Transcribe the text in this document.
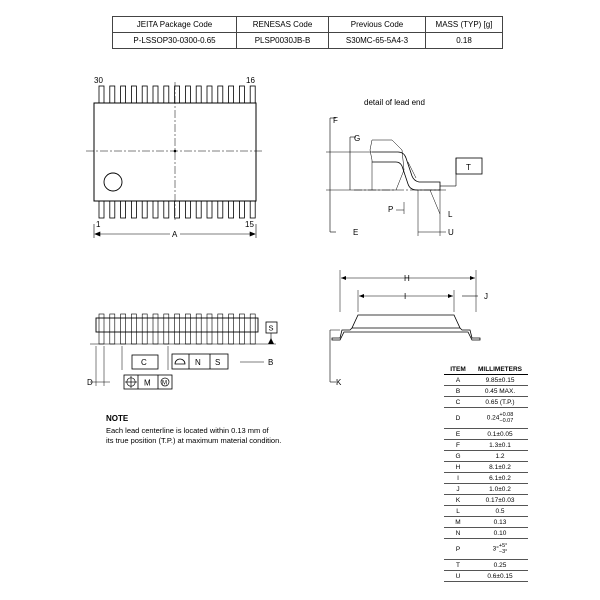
JEITA Package Code	RENESAS Code	Previous Code	MASS (TYP) [g]
P-LSSOP30-0300-0.65	PLSP0030JB-B	S30MC-65-5A4-3	0.18
30	16
1	15
A
detail of lead end
T
F
G
P
L
E	U
S
B
C	N S
D	M M
H
I	J
K
NOTE
Each lead centerline is located within 0.13 mm of
its true position (T.P.) at maximum material condition.
ITEM	MILLIMETERS
A	9.85±0.15
B	0.45 MAX.
C	0.65 (T.P.)
D	0.24 +0.08
−0.07

E	0.1±0.05
F	1.3±0.1
G	1.2
H	8.1±0.2
I	6.1±0.2
J	1.0±0.2
K	0.17±0.03
L	0.5
M	0.13
N	0.10
P	3° +5°
−3°

T	0.25
U	0.6±0.15
